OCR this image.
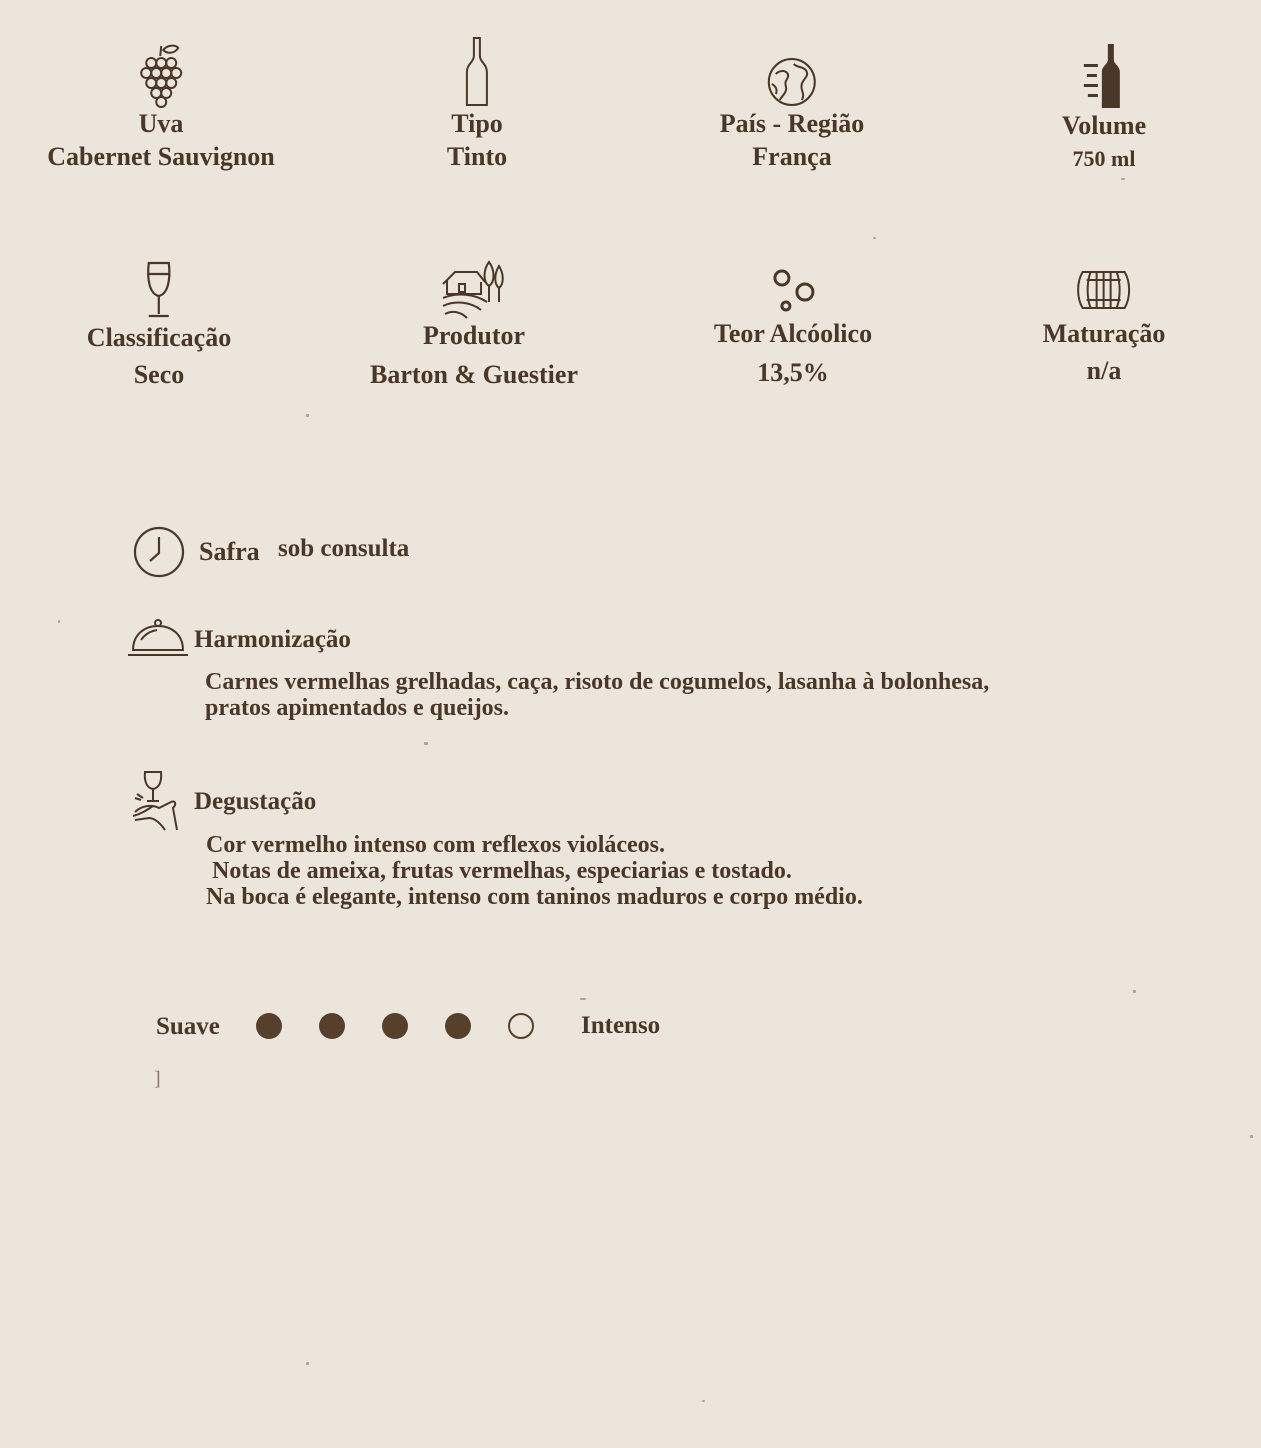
Uva
Cabernet Sauvignon
Tipo
Tinto
País - Região
França
Volume
750 ml
Classificação
Seco
Produtor
Barton & Guestier
Teor Alcóolico
13,5%
Maturação
n/a
Safra sob consulta
Harmonização
Carnes vermelhas grelhadas, caça, risoto de cogumelos, lasanha à bolonhesa,
pratos apimentados e queijos.
Degustação
Cor vermelho intenso com reflexos violáceos.
Notas de ameixa, frutas vermelhas, especiarias e tostado.
Na boca é elegante, intenso com taninos maduros e corpo médio.
Suave	Intenso
]
